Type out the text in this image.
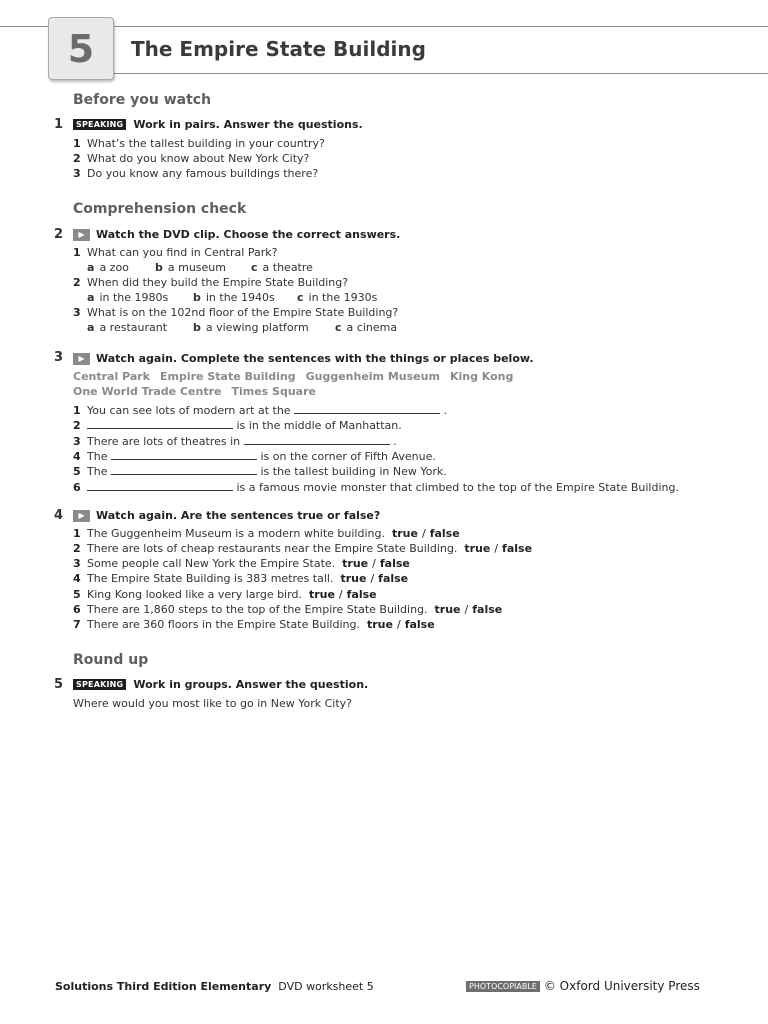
5 The Empire State Building
Before you watch
1	SPEAKING Work in pairs. Answer the questions.
1 What’s the tallest building in your country?
2 What do you know about New York City?
3 Do you know any famous buildings there?
Comprehension check
2	▶	Watch the DVD clip. Choose the correct answers.
1 What can you find in Central Park?
a a zoo b a museum c a theatre
2 When did they build the Empire State Building?
a in the 1980s b in the 1940s c in the 1930s
3 What is on the 102nd floor of the Empire State Building?
a a restaurant b a viewing platform c a cinema
3	▶	Watch again. Complete the sentences with the things or places below.
Central Park Empire State Building Guggenheim Museum King Kong
One World Trade Centre Times Square
1 You can see lots of modern art at the	.
2	is in the middle of Manhattan.
3 There are lots of theatres in	.
4 The	is on the corner of Fifth Avenue.
5 The	is the tallest building in New York.
6	is a famous movie monster that climbed to the top of the Empire State Building.
4	▶	Watch again. Are the sentences true or false?
1 The Guggenheim Museum is a modern white building. true / false
2 There are lots of cheap restaurants near the Empire State Building. true / false
3 Some people call New York the Empire State. true / false
4 The Empire State Building is 383 metres tall. true / false
5 King Kong looked like a very large bird. true / false
6 There are 1,860 steps to the top of the Empire State Building. true / false
7 There are 360 floors in the Empire State Building. true / false
Round up
5	SPEAKING Work in groups. Answer the question.
Where would you most like to go in New York City?
Solutions Third Edition Elementary DVD worksheet 5	PHOTOCOPIABLE © Oxford University Press
